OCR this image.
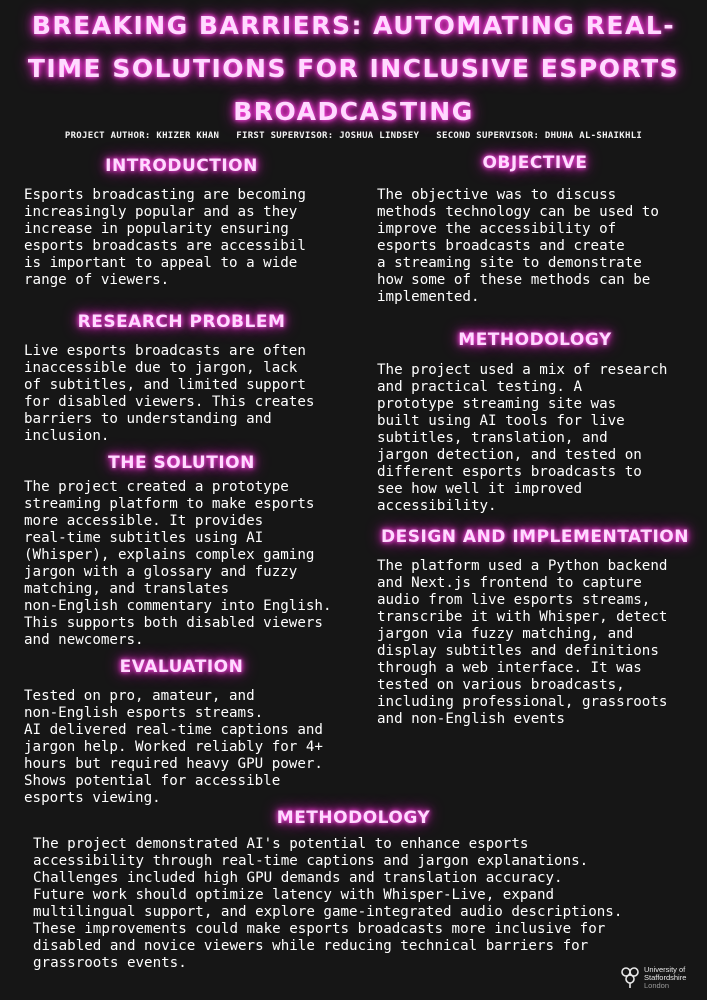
BREAKING BARRIERS: AUTOMATING REAL-TIME SOLUTIONS FOR INCLUSIVE ESPORTS BROADCASTING
PROJECT AUTHOR: KHIZER KHAN FIRST SUPERVISOR: JOSHUA LINDSEY SECOND SUPERVISOR: DHUHA AL-SHAIKHLI
INTRODUCTION
Esports broadcasting are becoming
increasingly popular and as they
increase in popularity ensuring
esports broadcasts are accessibil
is important to appeal to a wide
range of viewers.
RESEARCH PROBLEM
Live esports broadcasts are often
inaccessible due to jargon, lack
of subtitles, and limited support
for disabled viewers. This creates
barriers to understanding and
inclusion.
THE SOLUTION
The project created a prototype
streaming platform to make esports
more accessible. It provides
real-time subtitles using AI
(Whisper), explains complex gaming
jargon with a glossary and fuzzy
matching, and translates
non-English commentary into English.
This supports both disabled viewers
and newcomers.
EVALUATION
Tested on pro, amateur, and
non-English esports streams.
AI delivered real-time captions and
jargon help. Worked reliably for 4+
hours but required heavy GPU power.
Shows potential for accessible
esports viewing.
OBJECTIVE
The objective was to discuss
methods technology can be used to
improve the accessibility of
esports broadcasts and create
a streaming site to demonstrate
how some of these methods can be
implemented.
METHODOLOGY
The project used a mix of research
and practical testing. A
prototype streaming site was
built using AI tools for live
subtitles, translation, and
jargon detection, and tested on
different esports broadcasts to
see how well it improved
accessibility.
DESIGN AND IMPLEMENTATION
The platform used a Python backend
and Next.js frontend to capture
audio from live esports streams,
transcribe it with Whisper, detect
jargon via fuzzy matching, and
display subtitles and definitions
through a web interface. It was
tested on various broadcasts,
including professional, grassroots
and non-English events
METHODOLOGY
The project demonstrated AI's potential to enhance esports
accessibility through real-time captions and jargon explanations.
Challenges included high GPU demands and translation accuracy.
Future work should optimize latency with Whisper-Live, expand
multilingual support, and explore game-integrated audio descriptions.
These improvements could make esports broadcasts more inclusive for
disabled and novice viewers while reducing technical barriers for
grassroots events.	University of
Staffordshire
London
